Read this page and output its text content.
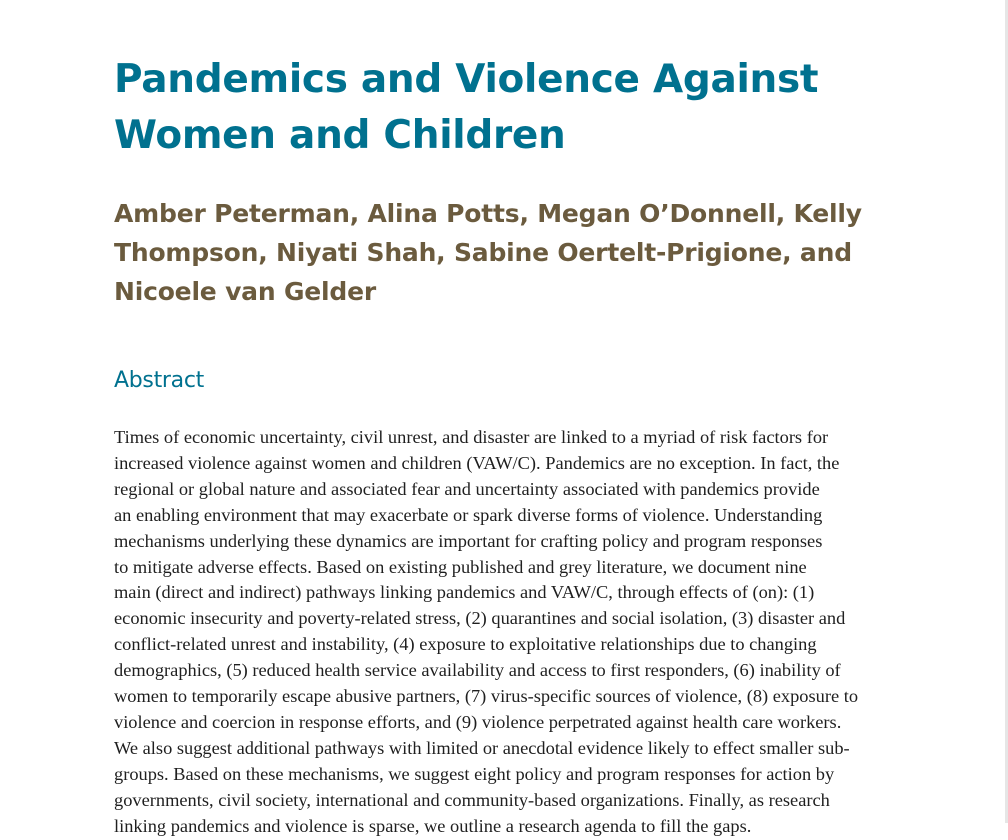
Pandemics and Violence Against
Women and Children
Amber Peterman, Alina Potts, Megan O’Donnell, Kelly
Thompson, Niyati Shah, Sabine Oertelt-Prigione, and
Nicoele van Gelder
Abstract

Times of economic uncertainty, civil unrest, and disaster are linked to a myriad of risk factors for
increased violence against women and children (VAW/C). Pandemics are no exception. In fact, the
regional or global nature and associated fear and uncertainty associated with pandemics provide
an enabling environment that may exacerbate or spark diverse forms of violence. Understanding
mechanisms underlying these dynamics are important for crafting policy and program responses
to mitigate adverse effects. Based on existing published and grey literature, we document nine
main (direct and indirect) pathways linking pandemics and VAW/C, through effects of (on): (1)
economic insecurity and poverty-related stress, (2) quarantines and social isolation, (3) disaster and
conflict-related unrest and instability, (4) exposure to exploitative relationships due to changing
demographics, (5) reduced health service availability and access to first responders, (6) inability of
women to temporarily escape abusive partners, (7) virus-specific sources of violence, (8) exposure to
violence and coercion in response efforts, and (9) violence perpetrated against health care workers.
We also suggest additional pathways with limited or anecdotal evidence likely to effect smaller sub-
groups. Based on these mechanisms, we suggest eight policy and program responses for action by
governments, civil society, international and community-based organizations. Finally, as research
linking pandemics and violence is sparse, we outline a research agenda to fill the gaps.
